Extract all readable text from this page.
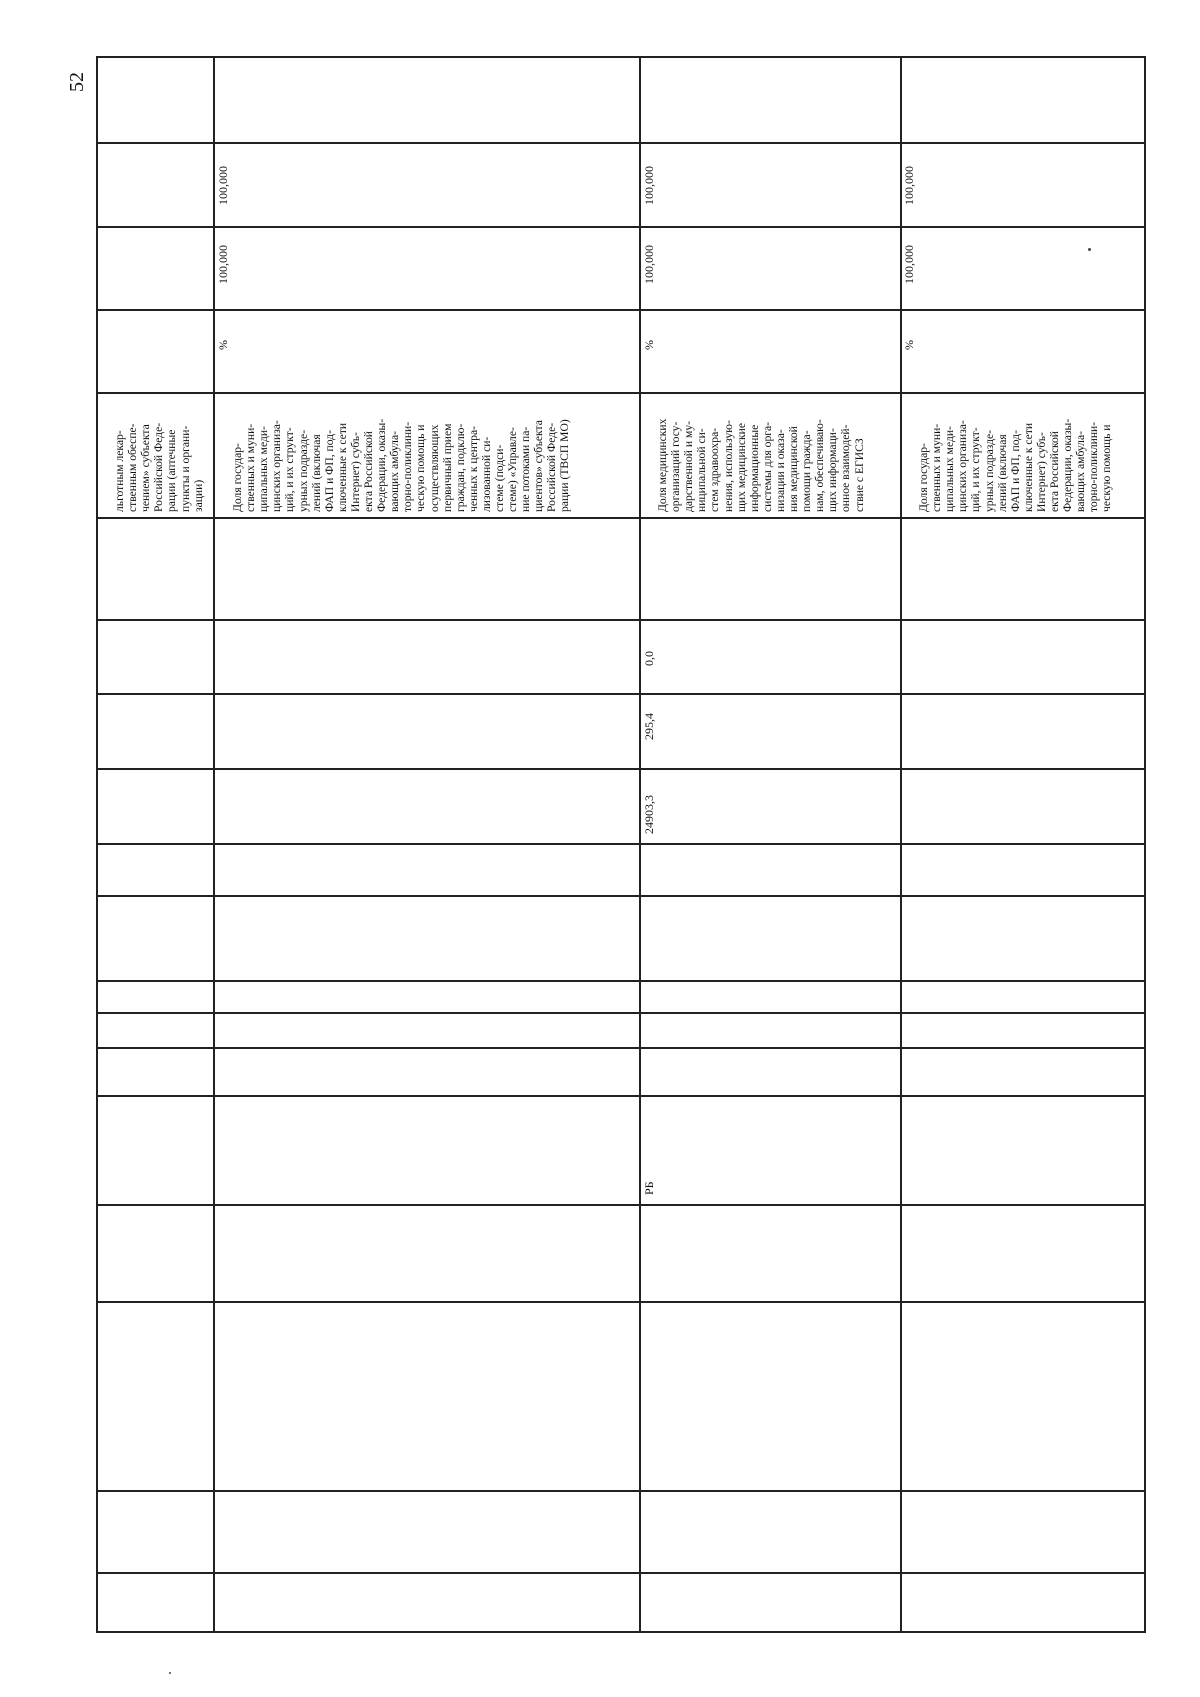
52

льготным лекар-
ственным обеспе-
чением» субъекта
Российской Феде-
рации (аптечные
пункты и органи-
зации) Доля государ-
ственных и муни-
ципальных меди-
цинских организа-
ций, и их структ-
урных подразде-
лений (включая
ФАП и ФП, под-
ключенные к сети
Интернет) субъ-
екта Российской
Федерации, оказы-
вающих амбула-
торно-поликлини-
ческую помощь и
осуществляющих
первичный прием
граждан, подклю-
ченных к центра-
лизованной си-
стеме (подси-
стеме) «Управле-
ние потоками па-
циентов» субъекта
Российской Феде-
рации (ТВСП МО)

%
100,000
100,000
РБ
24903,3
295,4
0,0

Доля медицинских
организаций госу-
дарственной и му-
ниципальной си-
стем здравоохра-
нения, использую-
щих медицинские
информационные
системы для орга-
низации и оказа-
ния медицинской
помощи гражда-
нам, обеспечиваю-
щих информаци-
онное взаимодей-
ствие с ЕГИСЗ

%
100,000
100,000

Доля государ-
ственных и муни-
ципальных меди-
цинских организа-
ций, и их структ-
урных подразде-
лений (включая
ФАП и ФП, под-
ключенные к сети
Интернет) субъ-
екта Российской
Федерации, оказы-
вающих амбула-
торно-поликлини-
ческую помощь и

%
100,000
100,000
